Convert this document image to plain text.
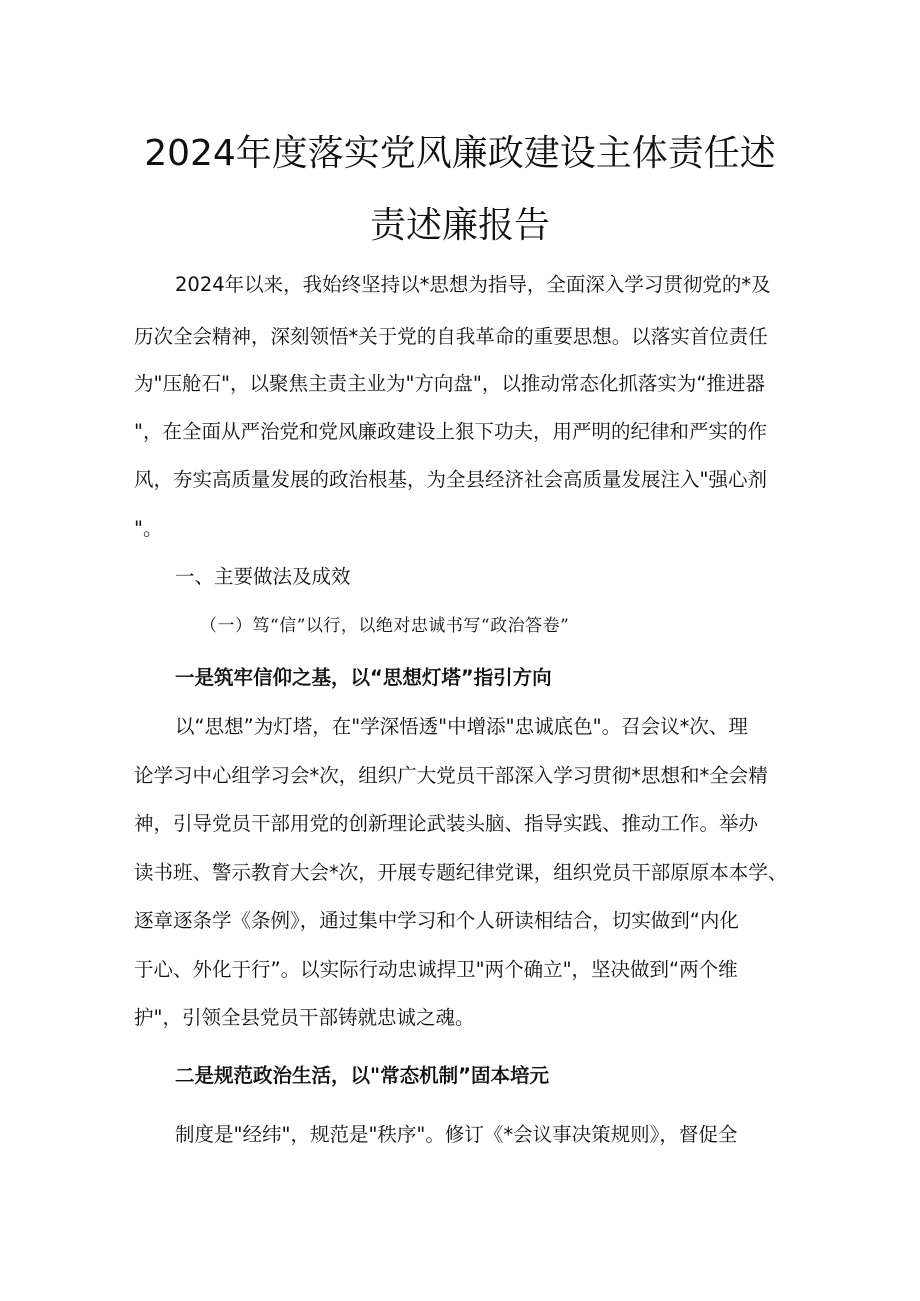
2024年度落实党风廉政建设主体责任述
责述廉报告

2024年以来，我始终坚持以*思想为指导，全面深入学习贯彻党的*及

历次全会精神，深刻领悟*关于党的自我革命的重要思想。以落实首位责任

为"压舱石"，以聚焦主责主业为"方向盘"，以推动常态化抓落实为“推进器

"，在全面从严治党和党风廉政建设上狠下功夫，用严明的纪律和严实的作

风，夯实高质量发展的政治根基，为全县经济社会高质量发展注入"强心剂

"。

一、主要做法及成效

（一）笃“信”以行，以绝对忠诚书写“政治答卷”

一是筑牢信仰之基，以“思想灯塔”指引方向

以“思想”为灯塔，在"学深悟透"中增添"忠诚底色"。召会议*次、理

论学习中心组学习会*次，组织广大党员干部深入学习贯彻*思想和*全会精

神，引导党员干部用党的创新理论武装头脑、指导实践、推动工作。举办

读书班、警示教育大会*次，开展专题纪律党课，组织党员干部原原本本学、

逐章逐条学《条例》，通过集中学习和个人研读相结合，切实做到“内化

于心、外化于行”。以实际行动忠诚捍卫"两个确立"，坚决做到“两个维

护"，引领全县党员干部铸就忠诚之魂。

二是规范政治生活，以"常态机制”固本培元

制度是"经纬"，规范是"秩序"。修订《*会议事决策规则》，督促全
